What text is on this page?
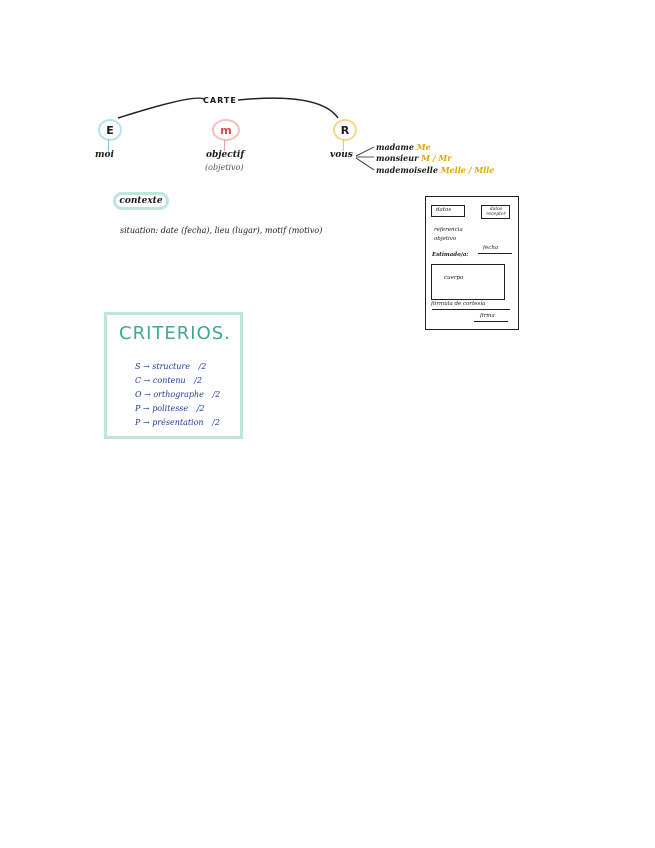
CARTE
E
moi
m
objectif
(objetivo)
R
vous
madame Me
monsieur M / Mr
mademoiselle Melle / Mlle
contexte
situation: date (fecha), lieu (lugar), motif (motivo)
datos	datos receptor
referencia
objetivo
fecha
Estimado/a:
cuerpo
fórmula de cortesía
firma
CRITERIOS.
S → structure /2
C → contenu /2
O → orthographe /2
P → politesse /2
P → présentation /2
